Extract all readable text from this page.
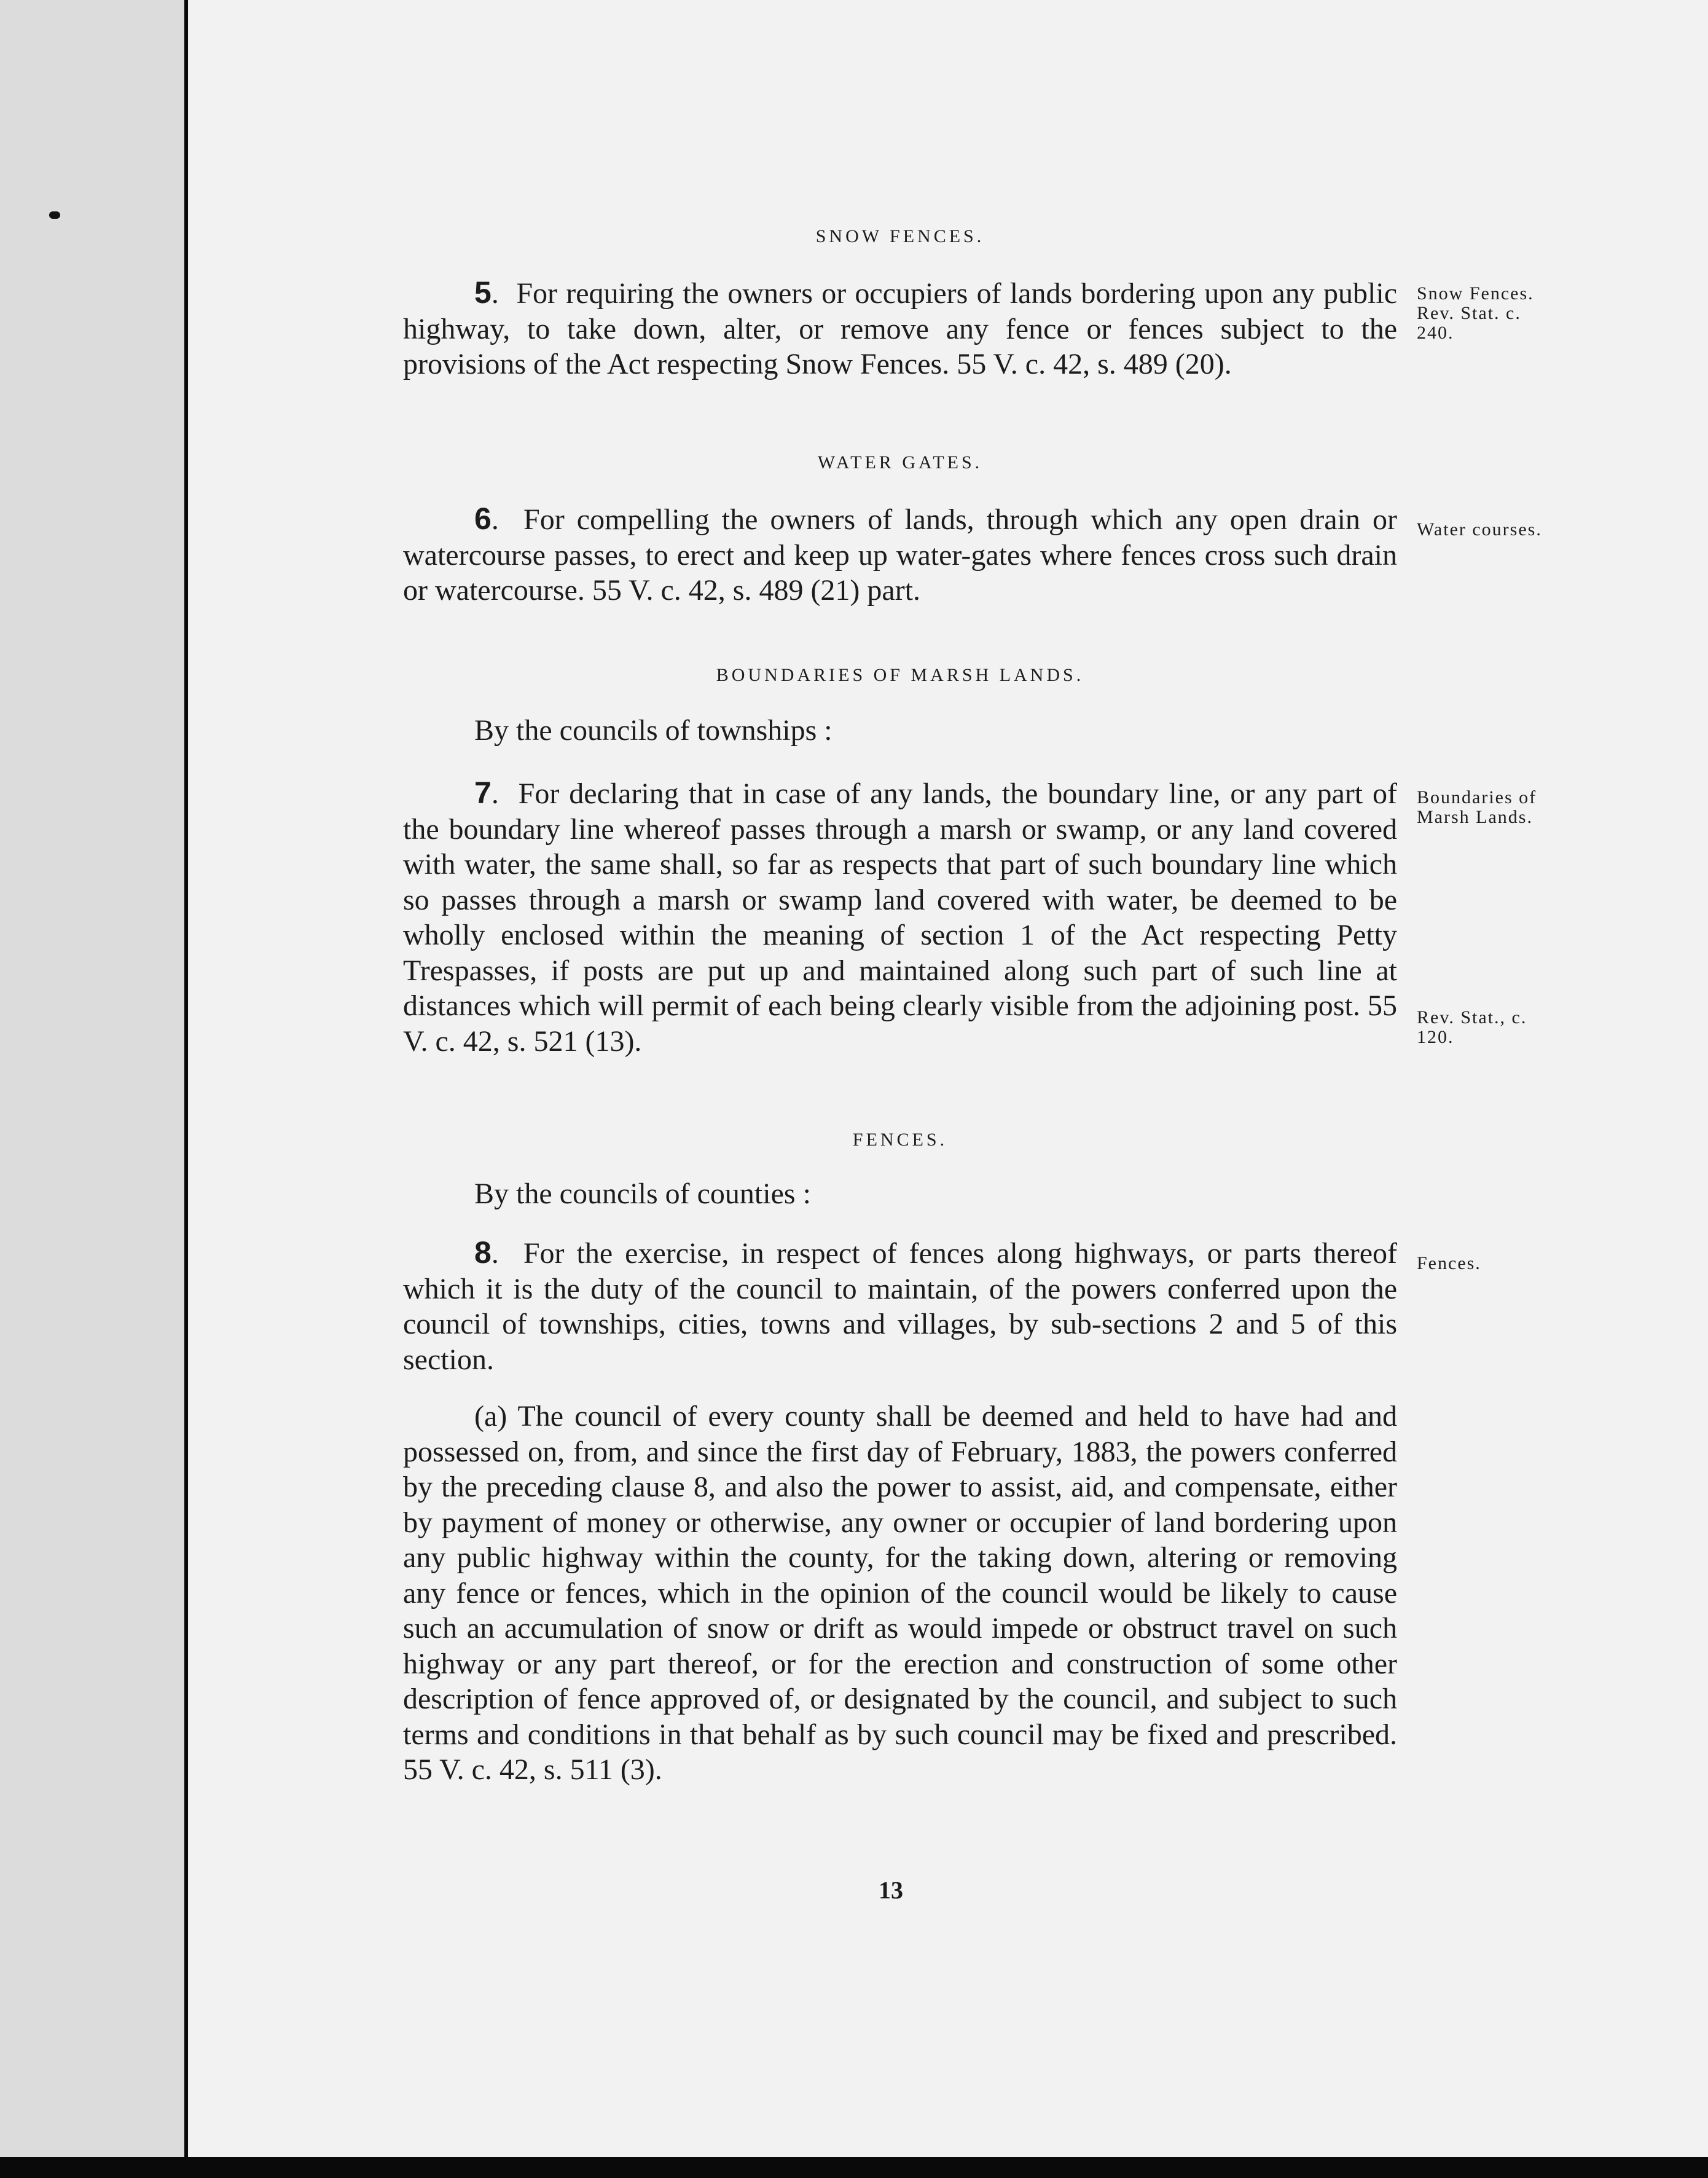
SNOW FENCES.

5.  For requiring the owners or occupiers of lands bordering upon any public highway, to take down, alter, or remove any fence or fences subject to the provisions of the Act respecting Snow Fences. 55 V. c. 42, s. 489 (20).

Snow Fences.
Rev. Stat. c.
240.
WATER GATES.

6.  For compelling the owners of lands, through which any open drain or watercourse passes, to erect and keep up water-gates where fences cross such drain or watercourse. 55 V. c. 42, s. 489 (21) part.

Water courses.
BOUNDARIES OF MARSH LANDS.
By the councils of townships :

7.  For declaring that in case of any lands, the boundary line, or any part of the boundary line whereof passes through a marsh or swamp, or any land covered with water, the same shall, so far as respects that part of such boundary line which so passes through a marsh or swamp land covered with water, be deemed to be wholly enclosed within the meaning of section 1 of the Act respecting Petty Trespasses, if posts are put up and maintained along such part of such line at distances which will permit of each being clearly visible from the adjoining post. 55 V. c. 42, s. 521 (13).

Boundaries of
Marsh Lands.
Rev. Stat., c.
120.
FENCES.
By the councils of counties :

8.  For the exercise, in respect of fences along highways, or parts thereof which it is the duty of the council to maintain, of the powers conferred upon the council of townships, cities, towns and villages, by sub-sections 2 and 5 of this section.

Fences.

(a) The council of every county shall be deemed and held to have had and possessed on, from, and since the first day of February, 1883, the powers conferred by the preceding clause 8, and also the power to assist, aid, and compensate, either by payment of money or otherwise, any owner or occupier of land bordering upon any public highway within the county, for the taking down, altering or removing any fence or fences, which in the opinion of the council would be likely to cause such an accumulation of snow or drift as would impede or obstruct travel on such highway or any part thereof, or for the erection and construction of some other description of fence approved of, or designated by the council, and subject to such terms and conditions in that behalf as by such council may be fixed and prescribed. 55 V. c. 42, s. 511 (3).

13
